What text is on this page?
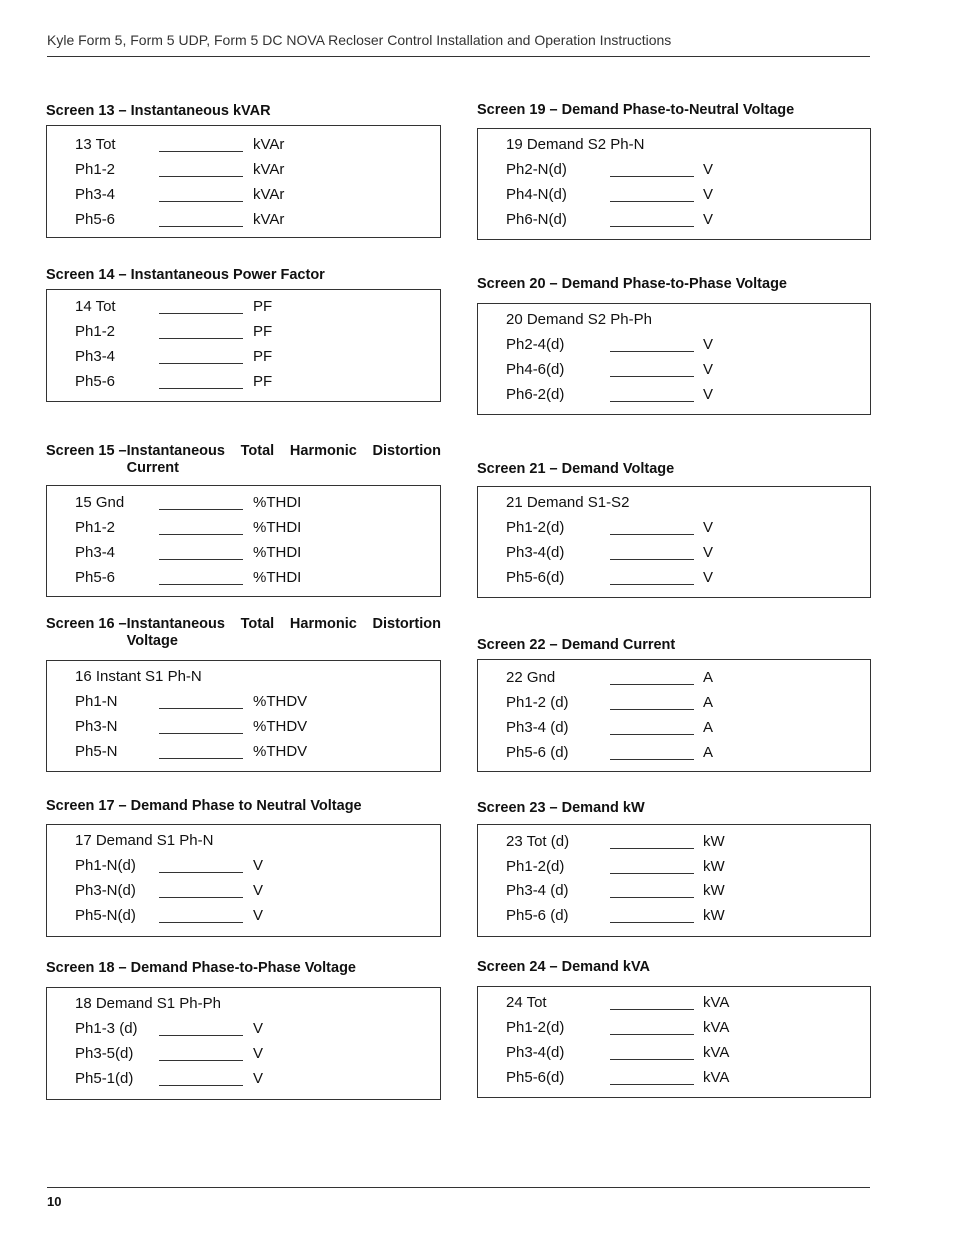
Kyle Form 5, Form 5 UDP, Form 5 DC NOVA Recloser Control Installation and Operation Instructions
Screen 13 – Instantaneous kVAR
13 Tot	kVAr
Ph1-2	kVAr
Ph3-4	kVAr
Ph5-6	kVAr
Screen 14 – Instantaneous Power Factor
14 Tot	PF
Ph1-2	PF
Ph3-4	PF
Ph5-6	PF
Screen 15 – Instantaneous Total Harmonic Distortion Current
15 Gnd	%THDI
Ph1-2	%THDI
Ph3-4	%THDI
Ph5-6	%THDI
Screen 16 – Instantaneous Total Harmonic Distortion Voltage
16 Instant S1 Ph-N
Ph1-N	%THDV
Ph3-N	%THDV
Ph5-N	%THDV
Screen 17 – Demand Phase to Neutral Voltage
17 Demand S1 Ph-N
Ph1-N(d)	V
Ph3-N(d)	V
Ph5-N(d)	V
Screen 18 – Demand Phase-to-Phase Voltage
18 Demand S1 Ph-Ph
Ph1-3 (d)	V
Ph3-5(d)	V
Ph5-1(d)	V
Screen 19 – Demand Phase-to-Neutral Voltage
19 Demand S2 Ph-N
Ph2-N(d)	V
Ph4-N(d)	V
Ph6-N(d)	V
Screen 20 – Demand Phase-to-Phase Voltage
20 Demand S2 Ph-Ph
Ph2-4(d)	V
Ph4-6(d)	V
Ph6-2(d)	V
Screen 21 – Demand Voltage
21 Demand S1-S2
Ph1-2(d)	V
Ph3-4(d)	V
Ph5-6(d)	V
Screen 22 – Demand Current
22 Gnd	A
Ph1-2 (d)	A
Ph3-4 (d)	A
Ph5-6 (d)	A
Screen 23 – Demand kW
23 Tot (d)	kW
Ph1-2(d)	kW
Ph3-4 (d)	kW
Ph5-6 (d)	kW
Screen 24 – Demand kVA
24 Tot	kVA
Ph1-2(d)	kVA
Ph3-4(d)	kVA
Ph5-6(d)	kVA
10
